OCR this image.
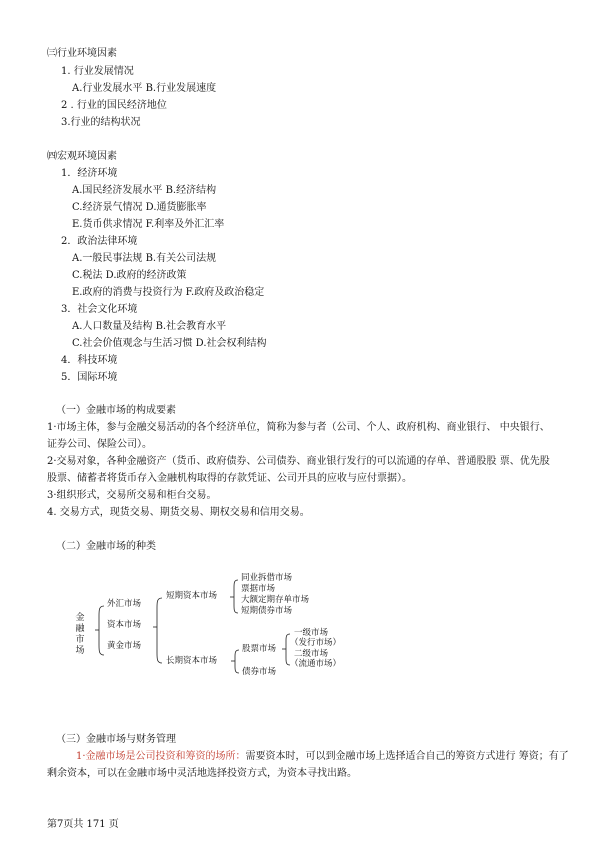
㈢行业环境因素
1. 行业发展情况
A.行业发展水平 B.行业发展速度
2 . 行业的国民经济地位
3.行业的结构状况
㈣宏观环境因素
1．经济环境
A.国民经济发展水平 B.经济结构
C.经济景气情况 D.通货膨胀率
E.货币供求情况 F.利率及外汇汇率
2．政治法律环境
A.一般民事法规 B.有关公司法规
C.税法 D.政府的经济政策
E.政府的消费与投资行为 F.政府及政治稳定
3．社会文化环境
A.人口数量及结构 B.社会教育水平
C.社会价值观念与生活习惯 D.社会权利结构
4．科技环境
5．国际环境
（一）金融市场的构成要素
1·市场主体，参与金融交易活动的各个经济单位，简称为参与者（公司、个人、政府机构、商业银行、 中央银行、
证券公司、保险公司）。
2·交易对象，各种金融资产（货币、政府债券、公司债券、商业银行发行的可以流通的存单、普通股股 票、优先股
股票、储蓄者将货币存入金融机构取得的存款凭证、公司开具的应收与应付票据）。
3·组织形式，交易所交易和柜台交易。
4. 交易方式，现货交易、期货交易、期权交易和信用交易。
（二）金融市场的种类
金融
市场
外汇市场
资本市场
黄金市场
短期资本市场
长期资本市场
同业拆借市场
票据市场
大额定期存单市场
短期债券市场
股票市场
债券市场
一级市场
（发行市场）
二级市场
（流通市场）
（三）金融市场与财务管理
1·金融市场是公司投资和筹资的场所：需要资本时，可以到金融市场上选择适合自己的筹资方式进行 筹资；有了
剩余资本，可以在金融市场中灵活地选择投资方式，为资本寻找出路。
第7页共 171 页
